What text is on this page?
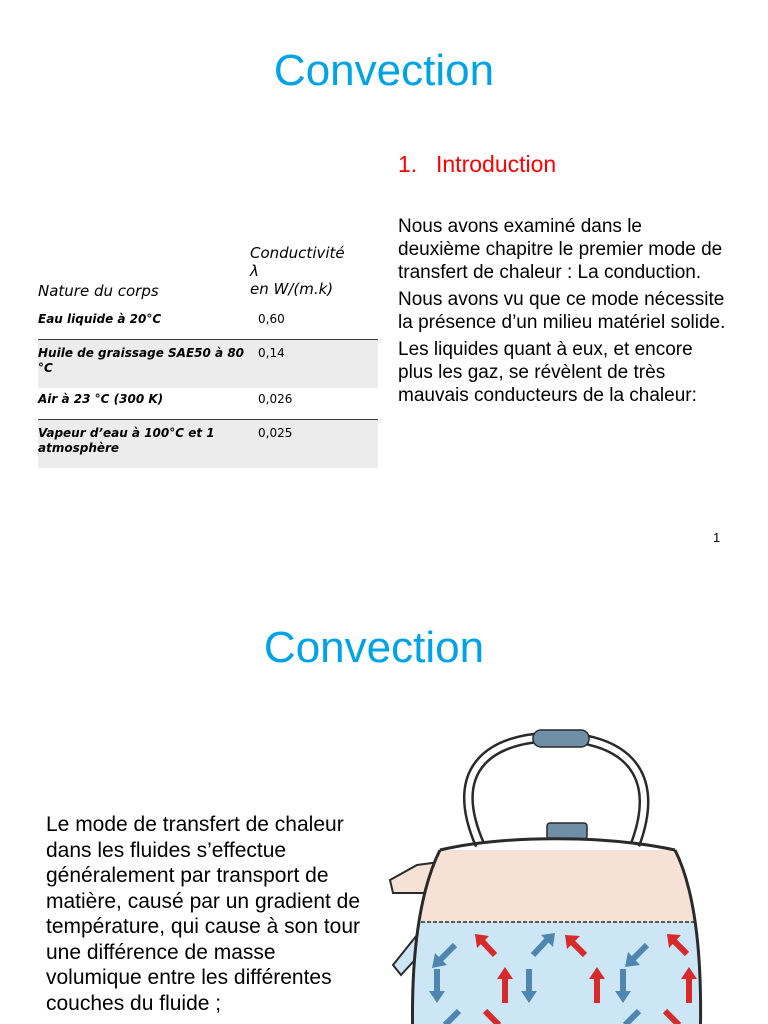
Convection
1. Introduction

Nous avons examiné dans le deuxième chapitre le premier mode de transfert de chaleur : La conduction.

Nous avons vu que ce mode nécessite la présence d’un milieu matériel solide.

Les liquides quant à eux, et encore plus les gaz, se révèlent de très mauvais conducteurs de la chaleur:

Nature du corps
Conductivité
λ
en W/(m.k)
Eau liquide à 20°C	0,60
Huile de graissage SAE50 à 80 °C
0,14
Air à 23 °C (300 K)	0,026
Vapeur d’eau à 100°C et 1 atmosphère
0,025
1
Convection
Le mode de transfert de chaleur dans les fluides s’effectue généralement par transport de matière, causé par un gradient de température, qui cause à son tour une différence de masse volumique entre les différentes couches du fluide ;
